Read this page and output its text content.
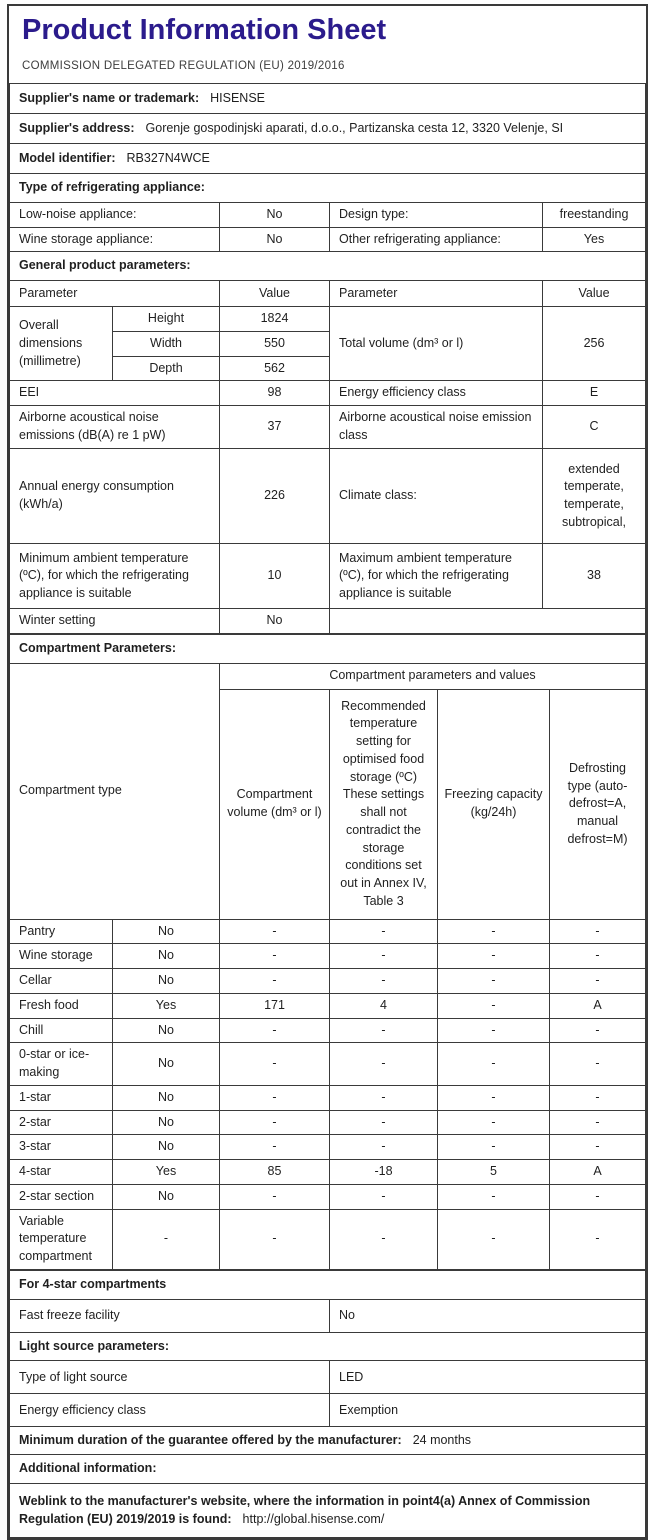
Product Information Sheet
COMMISSION DELEGATED REGULATION (EU) 2019/2016
Supplier's name or trademark: HISENSE				
Supplier's address: Gorenje gospodinjski aparati, d.o.o., Partizanska cesta 12, 3320 Velenje, SI				
Model identifier: RB327N4WCE				
Type of refrigerating appliance:				
Low-noise appliance:		No	Design type:	freestanding
Wine storage appliance:		No	Other refrigerating appliance:	Yes
General product parameters:				
Parameter		Value	Parameter	Value
Overall dimensions (millimetre)	Height	1824	Total volume (dm³ or l)	256
	Width	550		
	Depth	562		
EEI		98	Energy efficiency class	E
Airborne acoustical noise emissions (dB(A) re 1 pW)		37	Airborne acoustical noise emission class	C
Annual energy consumption (kWh/a)		226	Climate class:	extended temperate, temperate, subtropical,
Minimum ambient temperature (ºC), for which the refrigerating appliance is suitable		10	Maximum ambient temperature (ºC), for which the refrigerating appliance is suitable	38
Winter setting		No		
Compartment Parameters:					
Compartment type		Compartment parameters and values			
		Compartment volume (dm³ or l)	Recommended temperature setting for optimised food storage (ºC) These settings shall not contradict the storage conditions set out in Annex IV, Table 3	Freezing capacity (kg/24h)	Defrosting type (auto-defrost=A, manual defrost=M)
Pantry	No	-	-	-	-
Wine storage	No	-	-	-	-
Cellar	No	-	-	-	-
Fresh food	Yes	171	4	-	A
Chill	No	-	-	-	-
0-star or ice-making	No	-	-	-	-
1-star	No	-	-	-	-
2-star	No	-	-	-	-
3-star	No	-	-	-	-
4-star	Yes	85	-18	5	A
2-star section	No	-	-	-	-
Variable temperature compartment	-	-	-	-	-
For 4-star compartments	
Fast freeze facility	No
Light source parameters:	
Type of light source	LED
Energy efficiency class	Exemption
Minimum duration of the guarantee offered by the manufacturer: 24 months	
Additional information:	
Weblink to the manufacturer's website, where the information in point4(a) Annex of Commission Regulation (EU) 2019/2019 is found: http://global.hisense.com/	
